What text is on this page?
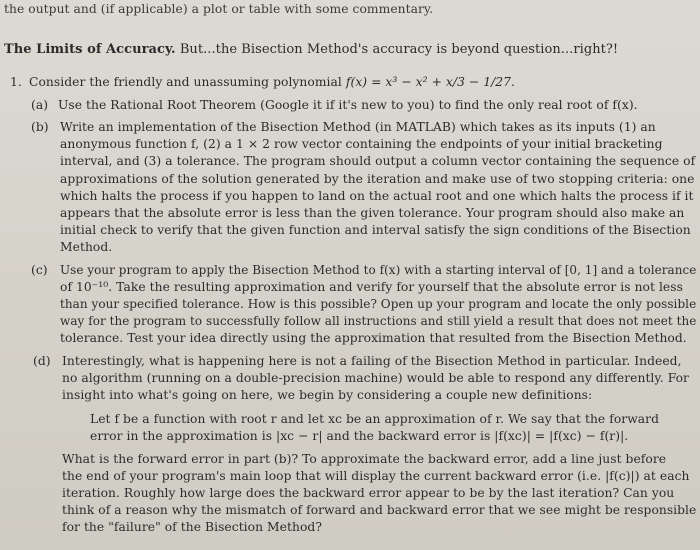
the output and (if applicable) a plot or table with some commentary.
The Limits of Accuracy. But...the Bisection Method's accuracy is beyond question...right?!
1. Consider the friendly and unassuming polynomial f(x) = x³ − x² + x/3 − 1/27.
(a) Use the Rational Root Theorem (Google it if it's new to you) to find the only real root of f(x).
(b) Write an implementation of the Bisection Method (in MATLAB) which takes as its inputs (1) an
anonymous function f, (2) a 1 × 2 row vector containing the endpoints of your initial bracketing
interval, and (3) a tolerance. The program should output a column vector containing the sequence of
approximations of the solution generated by the iteration and make use of two stopping criteria: one
which halts the process if you happen to land on the actual root and one which halts the process if it
appears that the absolute error is less than the given tolerance. Your program should also make an
initial check to verify that the given function and interval satisfy the sign conditions of the Bisection
Method.
(c) Use your program to apply the Bisection Method to f(x) with a starting interval of [0, 1] and a tolerance
of 10⁻¹⁰. Take the resulting approximation and verify for yourself that the absolute error is not less
than your specified tolerance. How is this possible? Open up your program and locate the only possible
way for the program to successfully follow all instructions and still yield a result that does not meet the
tolerance. Test your idea directly using the approximation that resulted from the Bisection Method.
(d) Interestingly, what is happening here is not a failing of the Bisection Method in particular. Indeed,
no algorithm (running on a double-precision machine) would be able to respond any differently. For
insight into what's going on here, we begin by considering a couple new definitions:
Let f be a function with root r and let xc be an approximation of r. We say that the forward
error in the approximation is |xc − r| and the backward error is |f(xc)| = |f(xc) − f(r)|.
What is the forward error in part (b)? To approximate the backward error, add a line just before
the end of your program's main loop that will display the current backward error (i.e. |f(c)|) at each
iteration. Roughly how large does the backward error appear to be by the last iteration? Can you
think of a reason why the mismatch of forward and backward error that we see might be responsible
for the "failure" of the Bisection Method?
